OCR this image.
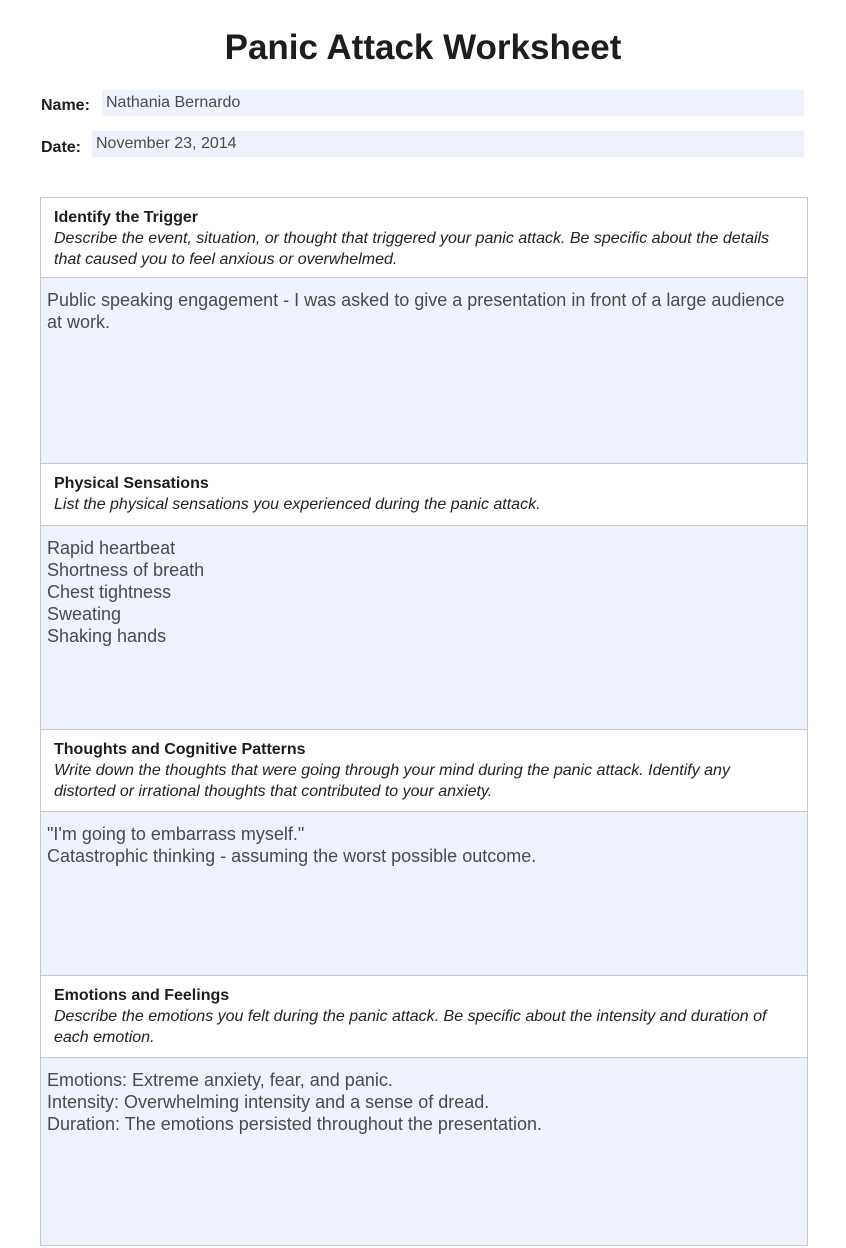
Panic Attack Worksheet
Name: Nathania Bernardo
Date: November 23, 2014
Identify the Trigger
Describe the event, situation, or thought that triggered your panic attack. Be specific about the details that caused you to feel anxious or overwhelmed.
Public speaking engagement - I was asked to give a presentation in front of a large audience at work.
Physical Sensations
List the physical sensations you experienced during the panic attack.
Rapid heartbeat
Shortness of breath
Chest tightness
Sweating
Shaking hands
Thoughts and Cognitive Patterns
Write down the thoughts that were going through your mind during the panic attack. Identify any distorted or irrational thoughts that contributed to your anxiety.
"I'm going to embarrass myself."
Catastrophic thinking - assuming the worst possible outcome.
Emotions and Feelings
Describe the emotions you felt during the panic attack. Be specific about the intensity and duration of each emotion.
Emotions: Extreme anxiety, fear, and panic.
Intensity: Overwhelming intensity and a sense of dread.
Duration: The emotions persisted throughout the presentation.
